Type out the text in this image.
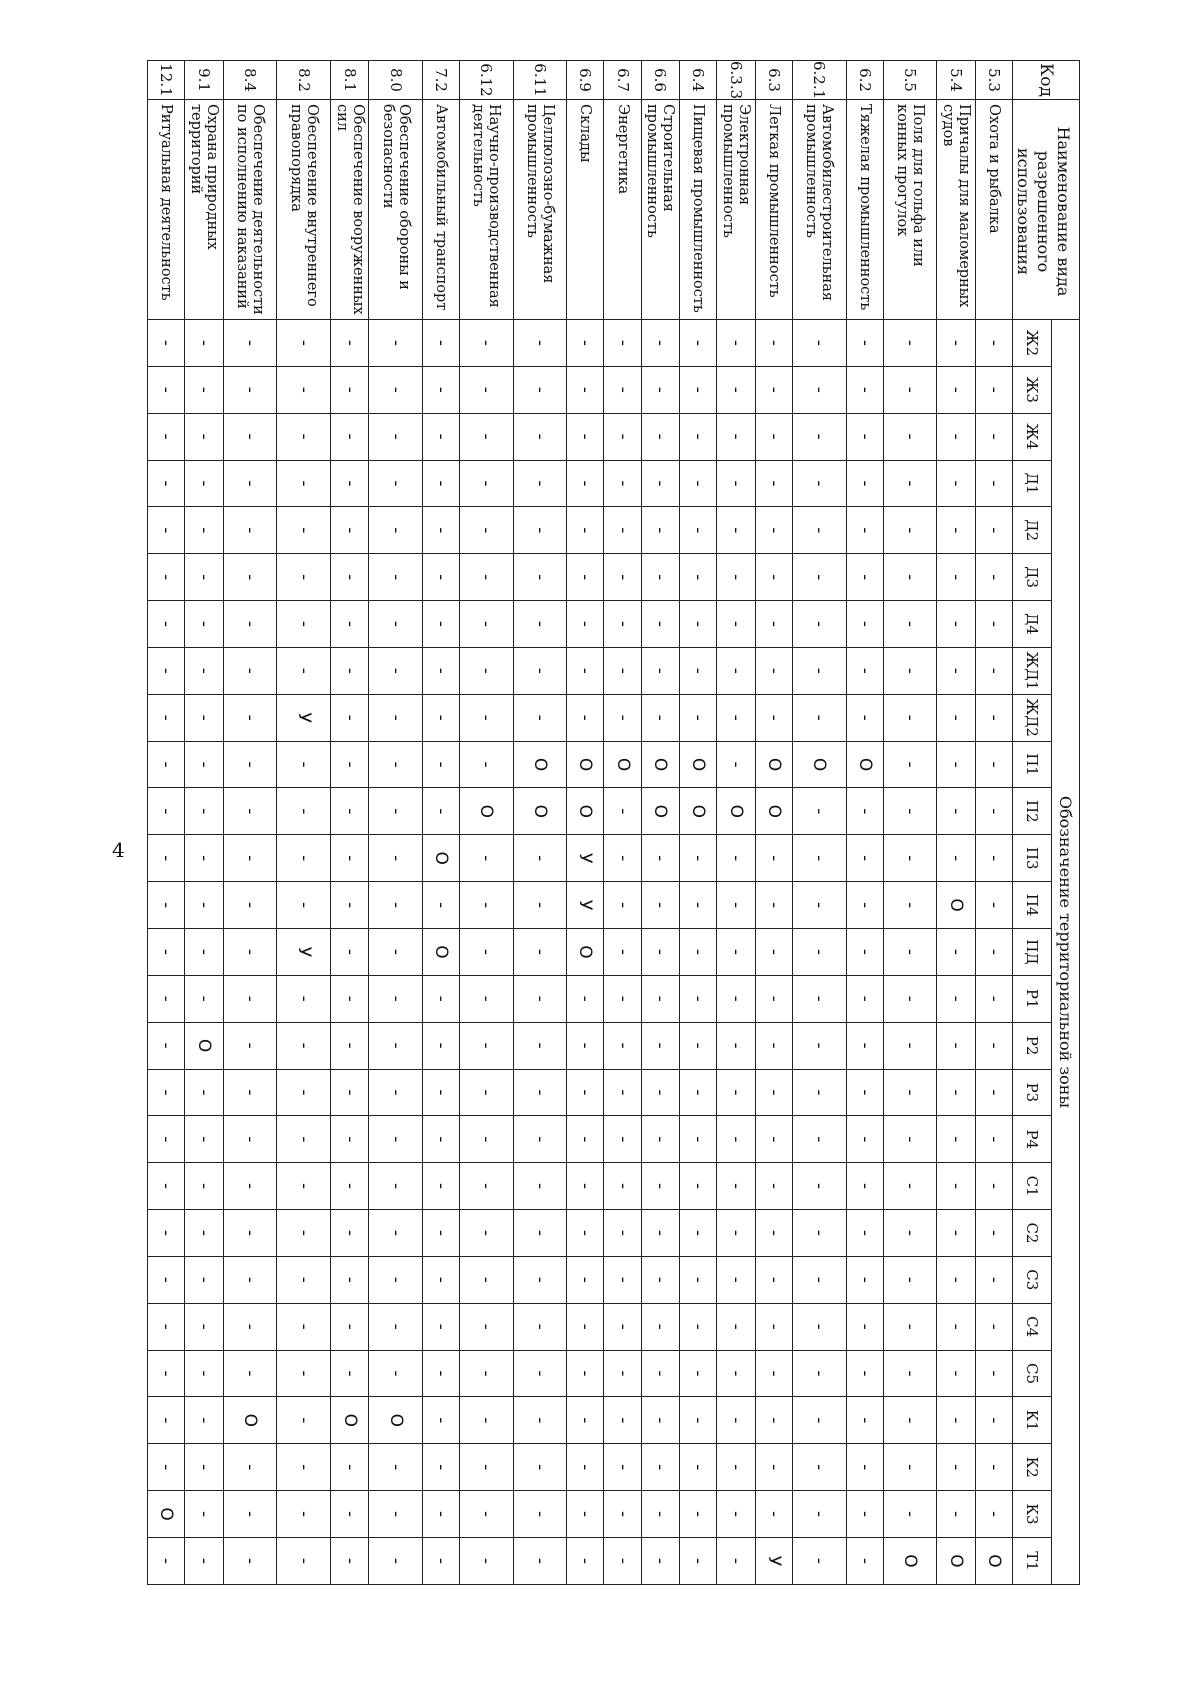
4
Код	Наименование вида разрешенного использования	Обозначение территориальной зоны																										
		Ж2	Ж3	Ж4	Д1	Д2	Д3	Д4	ЖД1	ЖД2	П1	П2	П3	П4	ПД	Р1	Р2	Р3	Р4	С1	С2	С3	С4	С5	К1	К2	К3	Т1
5.3	Охота и рыбалка	-	-	-	-	-	-	-	-	-	-	-	-	-	-	-	-	-	-	-	-	-	-	-	-	-	-	О
5.4	Причалы для маломерных судов	-	-	-	-	-	-	-	-	-	-	-	-	О	-	-	-	-	-	-	-	-	-	-	-	-	-	О
5.5	Поля для гольфа или конных прогулок	-	-	-	-	-	-	-	-	-	-	-	-	-	-	-	-	-	-	-	-	-	-	-	-	-	-	О
6.2	Тяжелая промышленность	-	-	-	-	-	-	-	-	-	О	-	-	-	-	-	-	-	-	-	-	-	-	-	-	-	-	-
6.2.1	Автомобилестроительная промышленность	-	-	-	-	-	-	-	-	-	О	-	-	-	-	-	-	-	-	-	-	-	-	-	-	-	-	-
6.3	Легкая промышленность	-	-	-	-	-	-	-	-	-	О	О	-	-	-	-	-	-	-	-	-	-	-	-	-	-	-	У
6.3.3	Электронная промышленность	-	-	-	-	-	-	-	-	-	-	О	-	-	-	-	-	-	-	-	-	-	-	-	-	-	-	-
6.4	Пищевая промышленность	-	-	-	-	-	-	-	-	-	О	О	-	-	-	-	-	-	-	-	-	-	-	-	-	-	-	-
6.6	Строительная промышленность	-	-	-	-	-	-	-	-	-	О	О	-	-	-	-	-	-	-	-	-	-	-	-	-	-	-	-
6.7	Энергетика	-	-	-	-	-	-	-	-	-	О	-	-	-	-	-	-	-	-	-	-	-	-	-	-	-	-	-
6.9	Склады	-	-	-	-	-	-	-	-	-	О	О	У	У	О	-	-	-	-	-	-	-	-	-	-	-	-	-
6.11	Целлюлозно-бумажная промышленность	-	-	-	-	-	-	-	-	-	О	О	-	-	-	-	-	-	-	-	-	-	-	-	-	-	-	-
6.12	Научно-производственная деятельность	-	-	-	-	-	-	-	-	-	-	О	-	-	-	-	-	-	-	-	-	-	-	-	-	-	-	-
7.2	Автомобильный транспорт	-	-	-	-	-	-	-	-	-	-	-	О	-	О	-	-	-	-	-	-	-	-	-	-	-	-	-
8.0	Обеспечение обороны и безопасности	-	-	-	-	-	-	-	-	-	-	-	-	-	-	-	-	-	-	-	-	-	-	-	О	-	-	-
8.1	Обеспечение вооруженных сил	-	-	-	-	-	-	-	-	-	-	-	-	-	-	-	-	-	-	-	-	-	-	-	О	-	-	-
8.2	Обеспечение внутреннего правопорядка	-	-	-	-	-	-	-	-	У	-	-	-	-	У	-	-	-	-	-	-	-	-	-	-	-	-	-
8.4	Обеспечение деятельности по исполнению наказаний	-	-	-	-	-	-	-	-	-	-	-	-	-	-	-	-	-	-	-	-	-	-	-	О	-	-	-
9.1	Охрана природных территорий	-	-	-	-	-	-	-	-	-	-	-	-	-	-	-	О	-	-	-	-	-	-	-	-	-	-	-
12.1	Ритуальная деятельность	-	-	-	-	-	-	-	-	-	-	-	-	-	-	-	-	-	-	-	-	-	-	-	-	-	О	-
